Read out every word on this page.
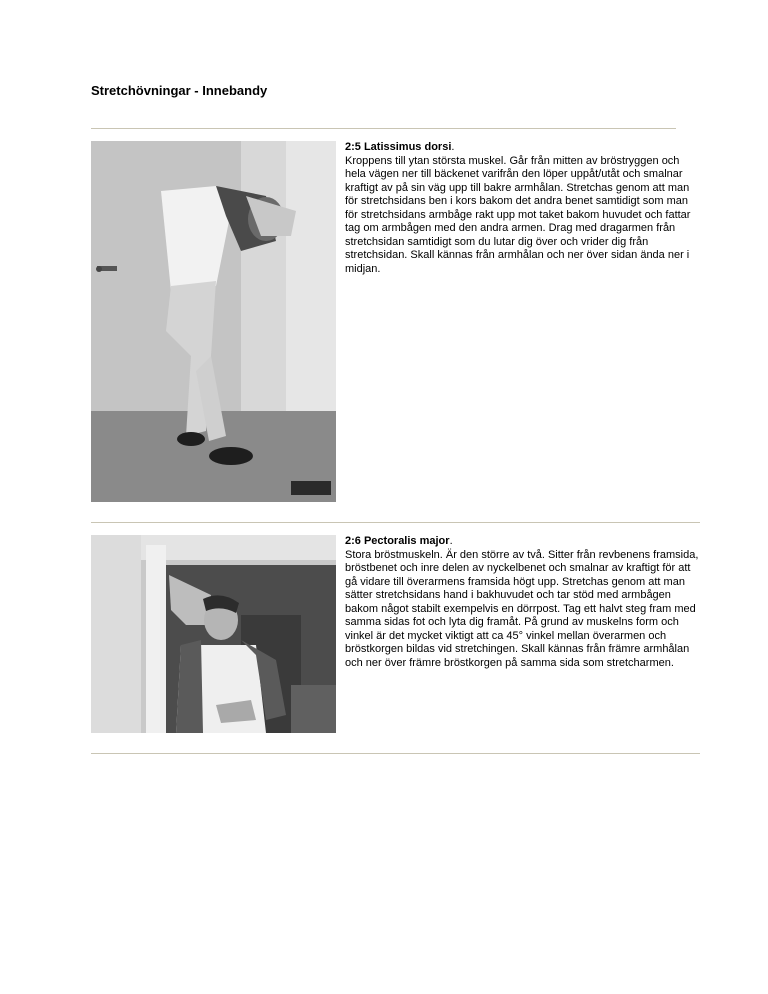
Stretchövningar - Innebandy

2:5 Latissimus dorsi.

Kroppens till ytan största muskel. Går från mitten av bröstryggen och hela vägen ner till bäckenet varifrån den löper uppåt/utåt och smalnar kraftigt av på sin väg upp till bakre armhålan. Stretchas genom att man för stretchsidans ben i kors bakom det andra benet samtidigt som man för stretchsidans armbåge rakt upp mot taket bakom huvudet och fattar tag om armbågen med den andra armen. Drag med dragarmen från stretchsidan samtidigt som du lutar dig över och vrider dig från stretchsidan. Skall kännas från armhålan och ner över sidan ända ner i midjan.

2:6 Pectoralis major.

Stora bröstmuskeln. Är den större av två. Sitter från revbenens framsida, bröstbenet och inre delen av nyckelbenet och smalnar av kraftigt för att gå vidare till överarmens framsida högt upp. Stretchas genom att man sätter stretchsidans hand i bakhuvudet och tar stöd med armbågen bakom något stabilt exempelvis en dörrpost. Tag ett halvt steg fram med samma sidas fot och lyta dig framåt. På grund av muskelns form och vinkel är det mycket viktigt att ca 45° vinkel mellan överarmen och bröstkorgen bildas vid stretchingen. Skall kännas från främre armhålan och ner över främre bröstkorgen på samma sida som stretcharmen.
